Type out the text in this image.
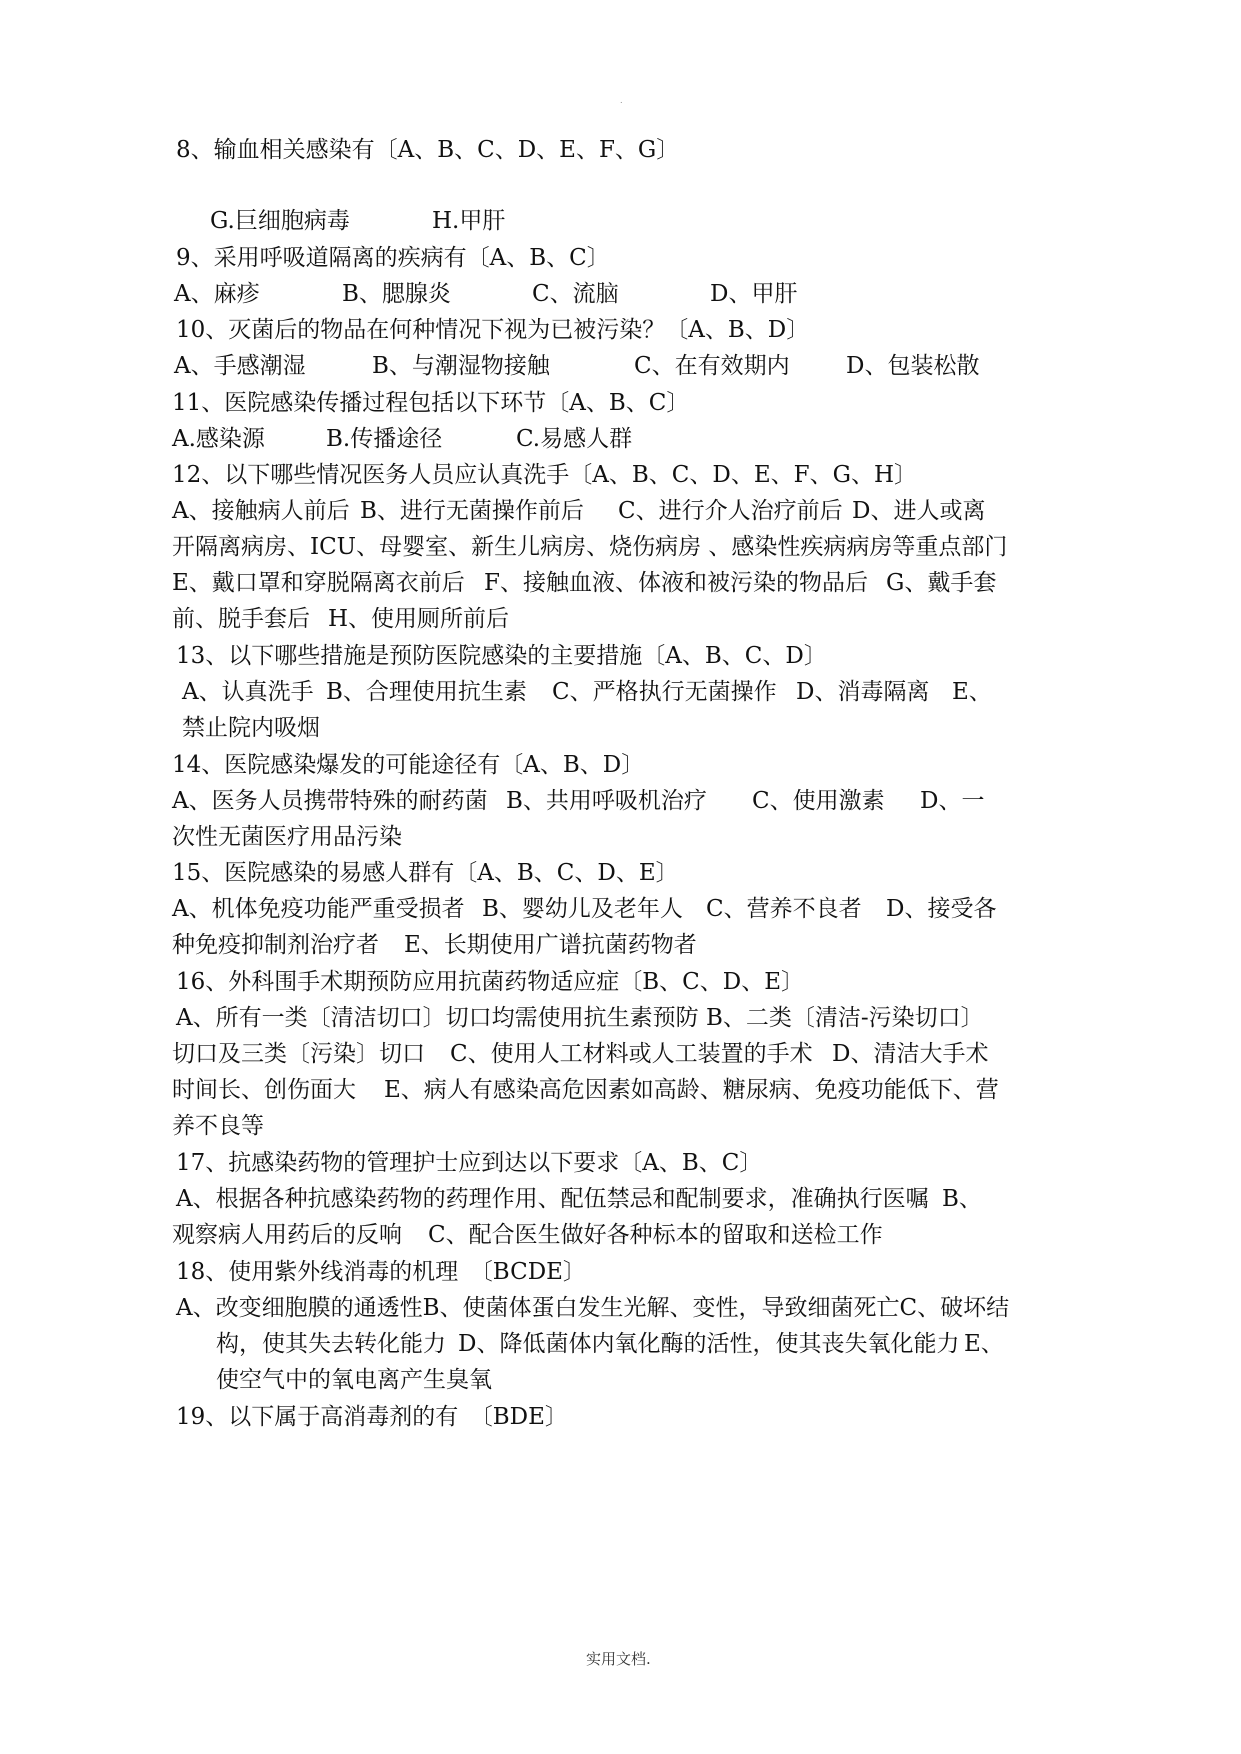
.
8、输血相关感染有〔A、B、C、D、E、F、G〕
G.巨细胞病毒	H.甲肝
9、采用呼吸道隔离的疾病有〔A、B、C〕
A、麻疹	B、腮腺炎	C、流脑	D、甲肝
10、灭菌后的物品在何种情况下视为已被污染？〔A、B、D〕
A、手感潮湿	B、与潮湿物接触	C、在有效期内 D、包装松散
11、医院感染传播过程包括以下环节〔A、B、C〕
A.感染源	B.传播途径	C.易感人群
12、以下哪些情况医务人员应认真洗手〔A、B、C、D、E、F、G、H〕
A、接触病人前后 B、进行无菌操作前后 C、进行介人治疗前后 D、进人或离
开隔离病房、ICU、母婴室、新生儿病房、烧伤病房 、感染性疾病病房等重点部门
E、戴口罩和穿脱隔离衣前后 F、接触血液、体液和被污染的物品后 G、戴手套
前、脱手套后 H、使用厕所前后
13、以下哪些措施是预防医院感染的主要措施〔A、B、C、D〕
A、认真洗手 B、合理使用抗生素 C、严格执行无菌操作 D、消毒隔离 E、
禁止院内吸烟
14、医院感染爆发的可能途径有〔A、B、D〕
A、医务人员携带特殊的耐药菌 B、共用呼吸机治疗 C、使用激素 D、一
次性无菌医疗用品污染
15、医院感染的易感人群有〔A、B、C、D、E〕
A、机体免疫功能严重受损者 B、婴幼儿及老年人 C、营养不良者 D、接受各
种免疫抑制剂治疗者 E、长期使用广谱抗菌药物者
16、外科围手术期预防应用抗菌药物适应症〔B、C、D、E〕
A、所有一类〔清洁切口〕切口均需使用抗生素预防 B、二类〔清洁-污染切口〕
切口及三类〔污染〕切口 C、使用人工材料或人工装置的手术 D、清洁大手术
时间长、创伤面大 E、病人有感染高危因素如高龄、糖尿病、免疫功能低下、营
养不良等
17、抗感染药物的管理护士应到达以下要求〔A、B、C〕
A、根据各种抗感染药物的药理作用、配伍禁忌和配制要求，准确执行医嘱 B、
观察病人用药后的反响 C、配合医生做好各种标本的留取和送检工作
18、使用紫外线消毒的机理　〔BCDE〕
A、改变细胞膜的通透性B、使菌体蛋白发生光解、变性，导致细菌死亡C、破坏结
构，使其失去转化能力 D、降低菌体内氧化酶的活性，使其丧失氧化能力 E、
使空气中的氧电离产生臭氧
19、以下属于高消毒剂的有　〔BDE〕
实用文档.
